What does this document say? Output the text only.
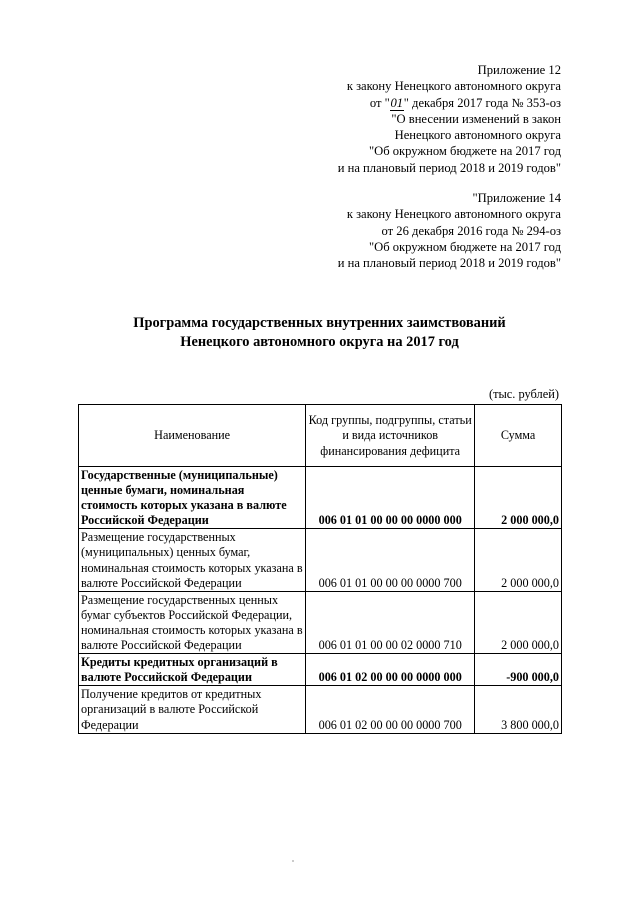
Приложение 12
к закону Ненецкого автономного округа
от "01" декабря 2017 года № 353-оз
"О внесении изменений в закон
Ненецкого автономного округа
"Об окружном бюджете на 2017 год
и на плановый период 2018 и 2019 годов"
"Приложение 14
к закону Ненецкого автономного округа
от 26 декабря 2016 года № 294-оз
"Об окружном бюджете на 2017 год
и на плановый период 2018 и 2019 годов"
Программа государственных внутренних заимствований
Ненецкого автономного округа на 2017 год
(тыс. рублей)
Наименование	Код группы, подгруппы, статьи и вида источников финансирования дефицита	Сумма
Государственные (муниципальные) ценные бумаги, номинальная стоимость которых указана в валюте Российской Федерации	006 01 01 00 00 00 0000 000	2 000 000,0
Размещение государственных (муниципальных) ценных бумаг, номинальная стоимость которых указана в валюте Российской Федерации	006 01 01 00 00 00 0000 700	2 000 000,0
Размещение государственных ценных бумаг субъектов Российской Федерации, номинальная стоимость которых указана в валюте Российской Федерации	006 01 01 00 00 02 0000 710	2 000 000,0
Кредиты кредитных организаций в валюте Российской Федерации	006 01 02 00 00 00 0000 000	-900 000,0
Получение кредитов от кредитных организаций в валюте Российской Федерации	006 01 02 00 00 00 0000 700	3 800 000,0
